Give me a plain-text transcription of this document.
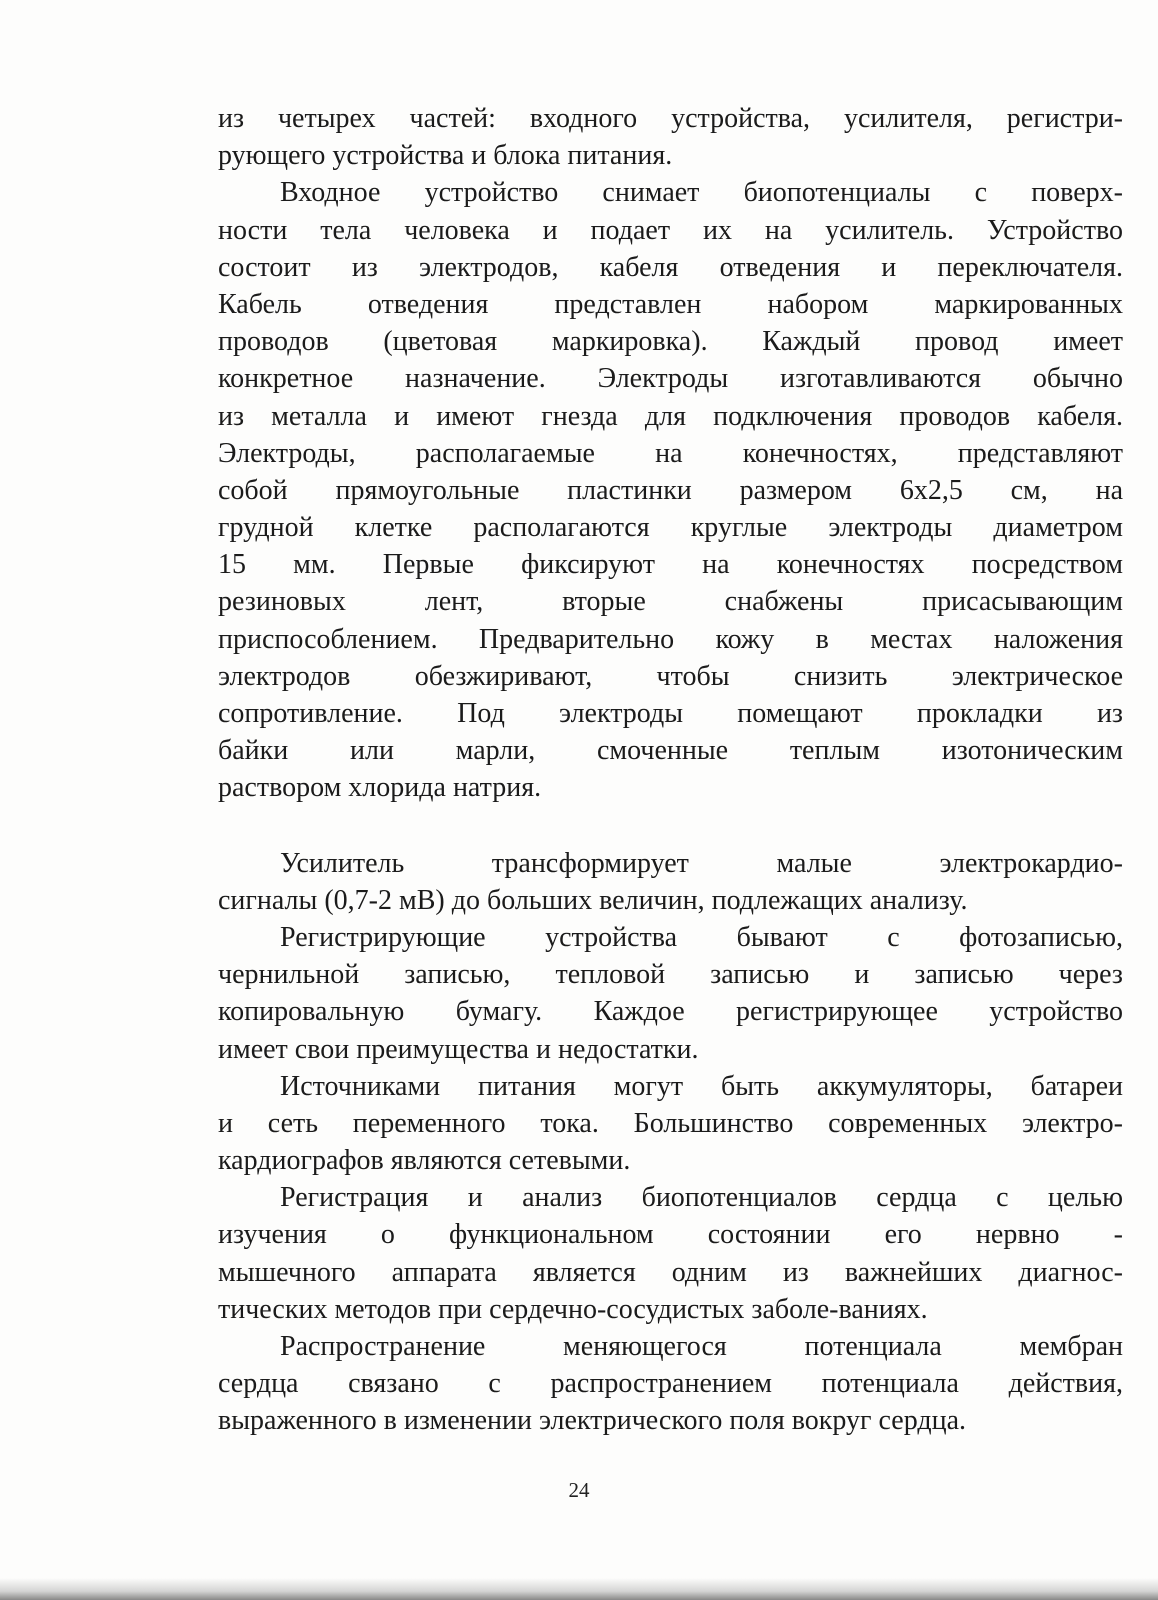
из четырех частей: входного устройства, усилителя, регистри-
рующего устройства и блока питания.
Входное устройство снимает биопотенциалы с поверх-
ности тела человека и подает их на усилитель. Устройство
состоит из электродов, кабеля отведения и переключателя.
Кабель отведения представлен набором маркированных
проводов (цветовая маркировка). Каждый провод имеет
конкретное назначение. Электроды изготавливаются обычно
из металла и имеют гнезда для подключения проводов кабеля.
Электроды, располагаемые на конечностях, представляют
собой прямоугольные пластинки размером 6х2,5 см, на
грудной клетке располагаются круглые электроды диаметром
15 мм. Первые фиксируют на конечностях посредством
резиновых лент, вторые снабжены присасывающим
приспособлением. Предварительно кожу в местах наложения
электродов обезжиривают, чтобы снизить электрическое
сопротивление. Под электроды помещают прокладки из
байки или марли, смоченные теплым изотоническим
раствором хлорида натрия.
Усилитель трансформирует малые электрокардио-
сигналы (0,7-2 мВ) до больших величин, подлежащих анализу.
Регистрирующие устройства бывают с фотозаписью,
чернильной записью, тепловой записью и записью через
копировальную бумагу. Каждое регистрирующее устройство
имеет свои преимущества и недостатки.
Источниками питания могут быть аккумуляторы, батареи
и сеть переменного тока. Большинство современных электро-
кардиографов являются сетевыми.
Регистрация и анализ биопотенциалов сердца с целью
изучения о функциональном состоянии его нервно -
мышечного аппарата является одним из важнейших диагнос-
тических методов при сердечно-сосудистых заболе-ваниях.
Распространение меняющегося потенциала мембран
сердца связано с распространением потенциала действия,
выраженного в изменении электрического поля вокруг сердца.
24
